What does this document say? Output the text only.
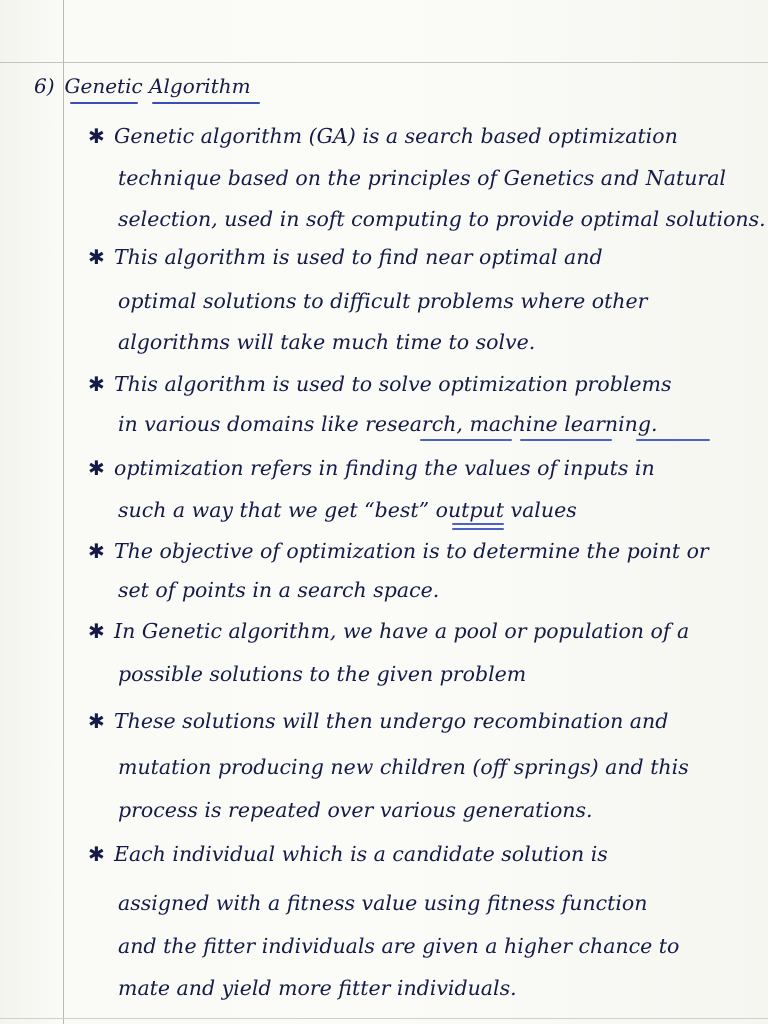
6) Genetic Algorithm
✱ Genetic algorithm (GA) is a search based optimization
technique based on the principles of Genetics and Natural
selection, used in soft computing to provide optimal solutions.
✱ This algorithm is used to find near optimal and
optimal solutions to difficult problems where other
algorithms will take much time to solve.
✱ This algorithm is used to solve optimization problems
in various domains like research, machine learning.
✱ optimization refers in finding the values of inputs in
such a way that we get “best” output values
✱ The objective of optimization is to determine the point or
set of points in a search space.
✱ In Genetic algorithm, we have a pool or population of a
possible solutions to the given problem
✱ These solutions will then undergo recombination and
mutation producing new children (off springs) and this
process is repeated over various generations.
✱ Each individual which is a candidate solution is
assigned with a fitness value using fitness function
and the fitter individuals are given a higher chance to
mate and yield more fitter individuals.
